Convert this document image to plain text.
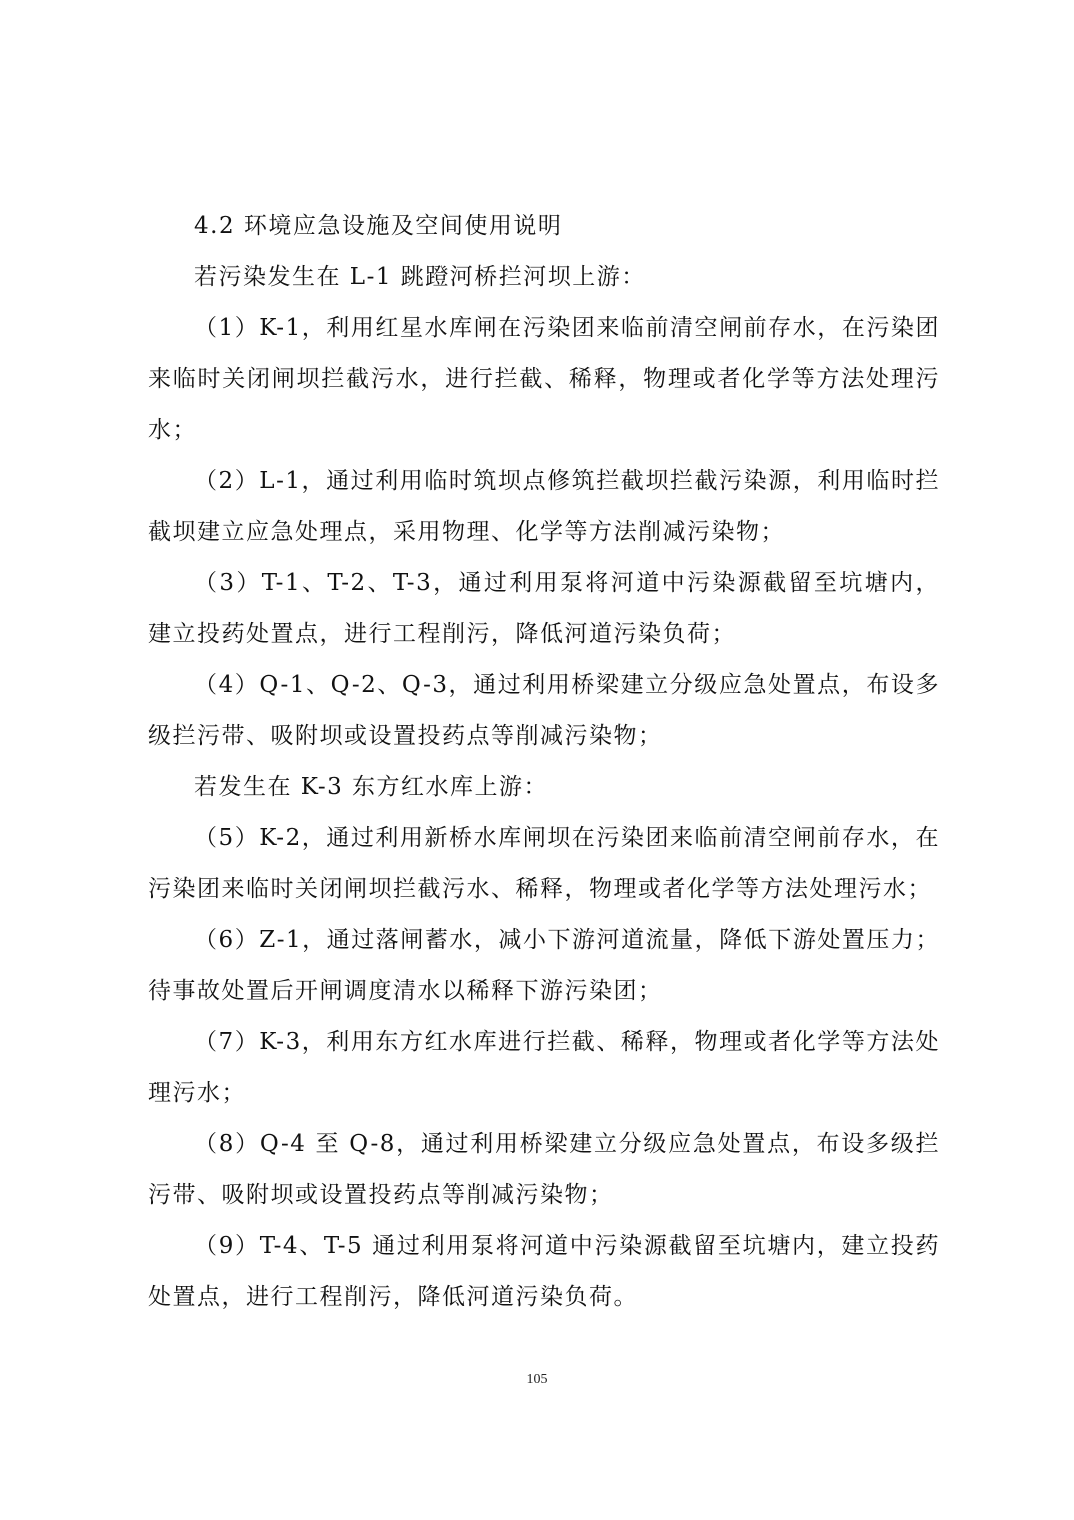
4.2 环境应急设施及空间使用说明

若污染发生在 L-1 跳蹬河桥拦河坝上游：

（1）K-1，利用红星水库闸在污染团来临前清空闸前存水，在污染团来临时关闭闸坝拦截污水，进行拦截、稀释，物理或者化学等方法处理污水；

（2）L-1，通过利用临时筑坝点修筑拦截坝拦截污染源，利用临时拦截坝建立应急处理点，采用物理、化学等方法削减污染物；

（3）T-1、T-2、T-3，通过利用泵将河道中污染源截留至坑塘内，建立投药处置点，进行工程削污，降低河道污染负荷；

（4）Q-1、Q-2、Q-3，通过利用桥梁建立分级应急处置点，布设多级拦污带、吸附坝或设置投药点等削减污染物；

若发生在 K-3 东方红水库上游：

（5）K-2，通过利用新桥水库闸坝在污染团来临前清空闸前存水，在污染团来临时关闭闸坝拦截污水、稀释，物理或者化学等方法处理污水；

（6）Z-1，通过落闸蓄水，减小下游河道流量，降低下游处置压力；待事故处置后开闸调度清水以稀释下游污染团；

（7）K-3，利用东方红水库进行拦截、稀释，物理或者化学等方法处理污水；

（8）Q-4 至 Q-8，通过利用桥梁建立分级应急处置点，布设多级拦污带、吸附坝或设置投药点等削减污染物；

（9）T-4、T-5 通过利用泵将河道中污染源截留至坑塘内，建立投药处置点，进行工程削污，降低河道污染负荷。

105
